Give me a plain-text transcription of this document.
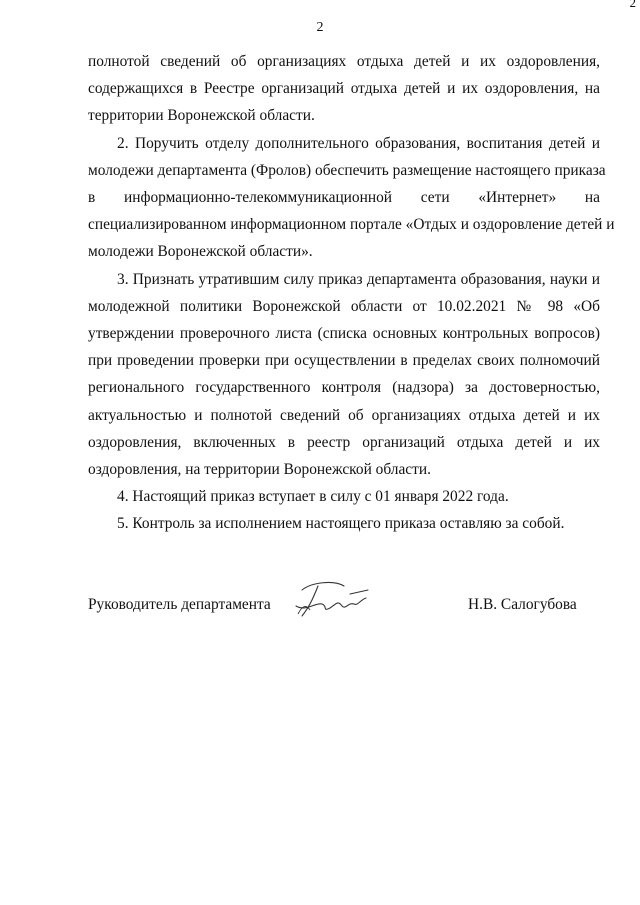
2
2
полнотой сведений об организациях отдыха детей и их оздоровления,
содержащихся в Реестре организаций отдыха детей и их оздоровления, на
территории Воронежской области.
2. Поручить отделу дополнительного образования, воспитания детей и
молодежи департамента (Фролов) обеспечить размещение настоящего приказа
в информационно-телекоммуникационной сети «Интернет» на
специализированном информационном портале «Отдых и оздоровление детей и
молодежи Воронежской области».
3. Признать утратившим силу приказ департамента образования, науки и
молодежной политики Воронежской области от 10.02.2021 № 98 «Об
утверждении проверочного листа (списка основных контрольных вопросов)
при проведении проверки при осуществлении в пределах своих полномочий
регионального государственного контроля (надзора) за достоверностью,
актуальностью и полнотой сведений об организациях отдыха детей и их
оздоровления, включенных в реестр организаций отдыха детей и их
оздоровления, на территории Воронежской области.
4. Настоящий приказ вступает в силу с 01 января 2022 года.
5. Контроль за исполнением настоящего приказа оставляю за собой.
Руководитель департамента	Н.В. Салогубова
